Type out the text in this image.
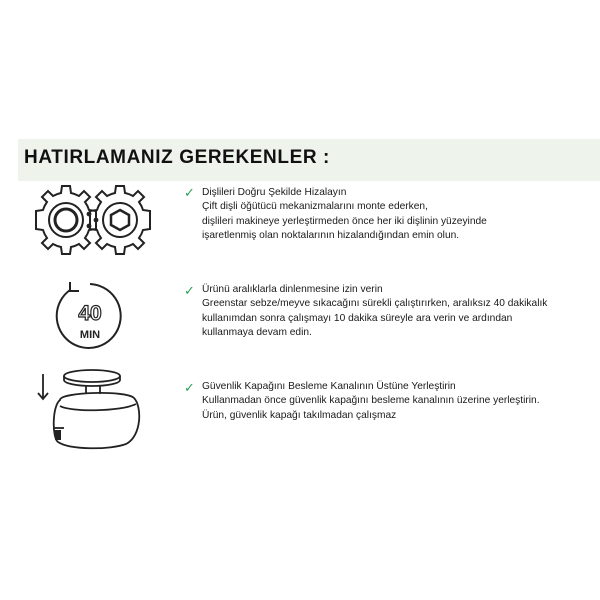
HATIRLAMANIZ GEREKENLER :
✓ Dişlileri Doğru Şekilde Hizalayın
Çift dişli öğütücü mekanizmalarını monte ederken,
dişlileri makineye yerleştirmeden önce her iki dişlinin yüzeyinde
işaretlenmiş olan noktalarının hizalandığından emin olun.
40
MIN
✓ Ürünü aralıklarla dinlenmesine izin verin
Greenstar sebze/meyve sıkacağını sürekli çalıştırırken, aralıksız 40 dakikalık
kullanımdan sonra çalışmayı 10 dakika süreyle ara verin ve ardından
kullanmaya devam edin.
✓ Güvenlik Kapağını Besleme Kanalının Üstüne Yerleştirin
Kullanmadan önce güvenlik kapağını besleme kanalının üzerine yerleştirin.
Ürün, güvenlik kapağı takılmadan çalışmaz
